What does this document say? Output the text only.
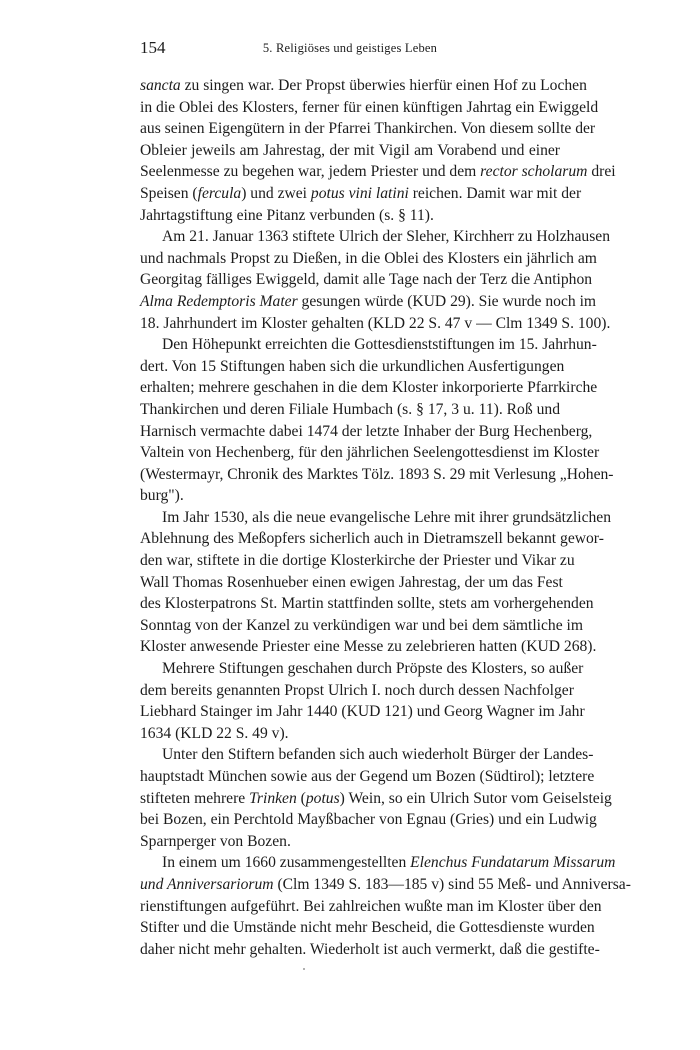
154	5. Religiöses und geistiges Leben
sancta zu singen war. Der Propst überwies hierfür einen Hof zu Lochen
in die Oblei des Klosters, ferner für einen künftigen Jahrtag ein Ewiggeld
aus seinen Eigengütern in der Pfarrei Thankirchen. Von diesem sollte der
Obleier jeweils am Jahrestag, der mit Vigil am Vorabend und einer
Seelenmesse zu begehen war, jedem Priester und dem rector scholarum drei
Speisen (fercula) und zwei potus vini latini reichen. Damit war mit der
Jahrtagstiftung eine Pitanz verbunden (s. § 11).
Am 21. Januar 1363 stiftete Ulrich der Sleher, Kirchherr zu Holzhausen
und nachmals Propst zu Dießen, in die Oblei des Klosters ein jährlich am
Georgitag fälliges Ewiggeld, damit alle Tage nach der Terz die Antiphon
Alma Redemptoris Mater gesungen würde (KUD 29). Sie wurde noch im
18. Jahrhundert im Kloster gehalten (KLD 22 S. 47 v — Clm 1349 S. 100).
Den Höhepunkt erreichten die Gottesdienststiftungen im 15. Jahrhun-
dert. Von 15 Stiftungen haben sich die urkundlichen Ausfertigungen
erhalten; mehrere geschahen in die dem Kloster inkorporierte Pfarrkirche
Thankirchen und deren Filiale Humbach (s. § 17, 3 u. 11). Roß und
Harnisch vermachte dabei 1474 der letzte Inhaber der Burg Hechenberg,
Valtein von Hechenberg, für den jährlichen Seelengottesdienst im Kloster
(Westermayr, Chronik des Marktes Tölz. 1893 S. 29 mit Verlesung „Hohen-
burg").
Im Jahr 1530, als die neue evangelische Lehre mit ihrer grundsätzlichen
Ablehnung des Meßopfers sicherlich auch in Dietramszell bekannt gewor-
den war, stiftete in die dortige Klosterkirche der Priester und Vikar zu
Wall Thomas Rosenhueber einen ewigen Jahrestag, der um das Fest
des Klosterpatrons St. Martin stattfinden sollte, stets am vorhergehenden
Sonntag von der Kanzel zu verkündigen war und bei dem sämtliche im
Kloster anwesende Priester eine Messe zu zelebrieren hatten (KUD 268).
Mehrere Stiftungen geschahen durch Pröpste des Klosters, so außer
dem bereits genannten Propst Ulrich I. noch durch dessen Nachfolger
Liebhard Stainger im Jahr 1440 (KUD 121) und Georg Wagner im Jahr
1634 (KLD 22 S. 49 v).
Unter den Stiftern befanden sich auch wiederholt Bürger der Landes-
hauptstadt München sowie aus der Gegend um Bozen (Südtirol); letztere
stifteten mehrere Trinken (potus) Wein, so ein Ulrich Sutor vom Geiselsteig
bei Bozen, ein Perchtold Mayßbacher von Egnau (Gries) und ein Ludwig
Sparnperger von Bozen.
In einem um 1660 zusammengestellten Elenchus Fundatarum Missarum
und Anniversariorum (Clm 1349 S. 183—185 v) sind 55 Meß- und Anniversa-
rienstiftungen aufgeführt. Bei zahlreichen wußte man im Kloster über den
Stifter und die Umstände nicht mehr Bescheid, die Gottesdienste wurden
daher nicht mehr gehalten. Wiederholt ist auch vermerkt, daß die gestifte-
